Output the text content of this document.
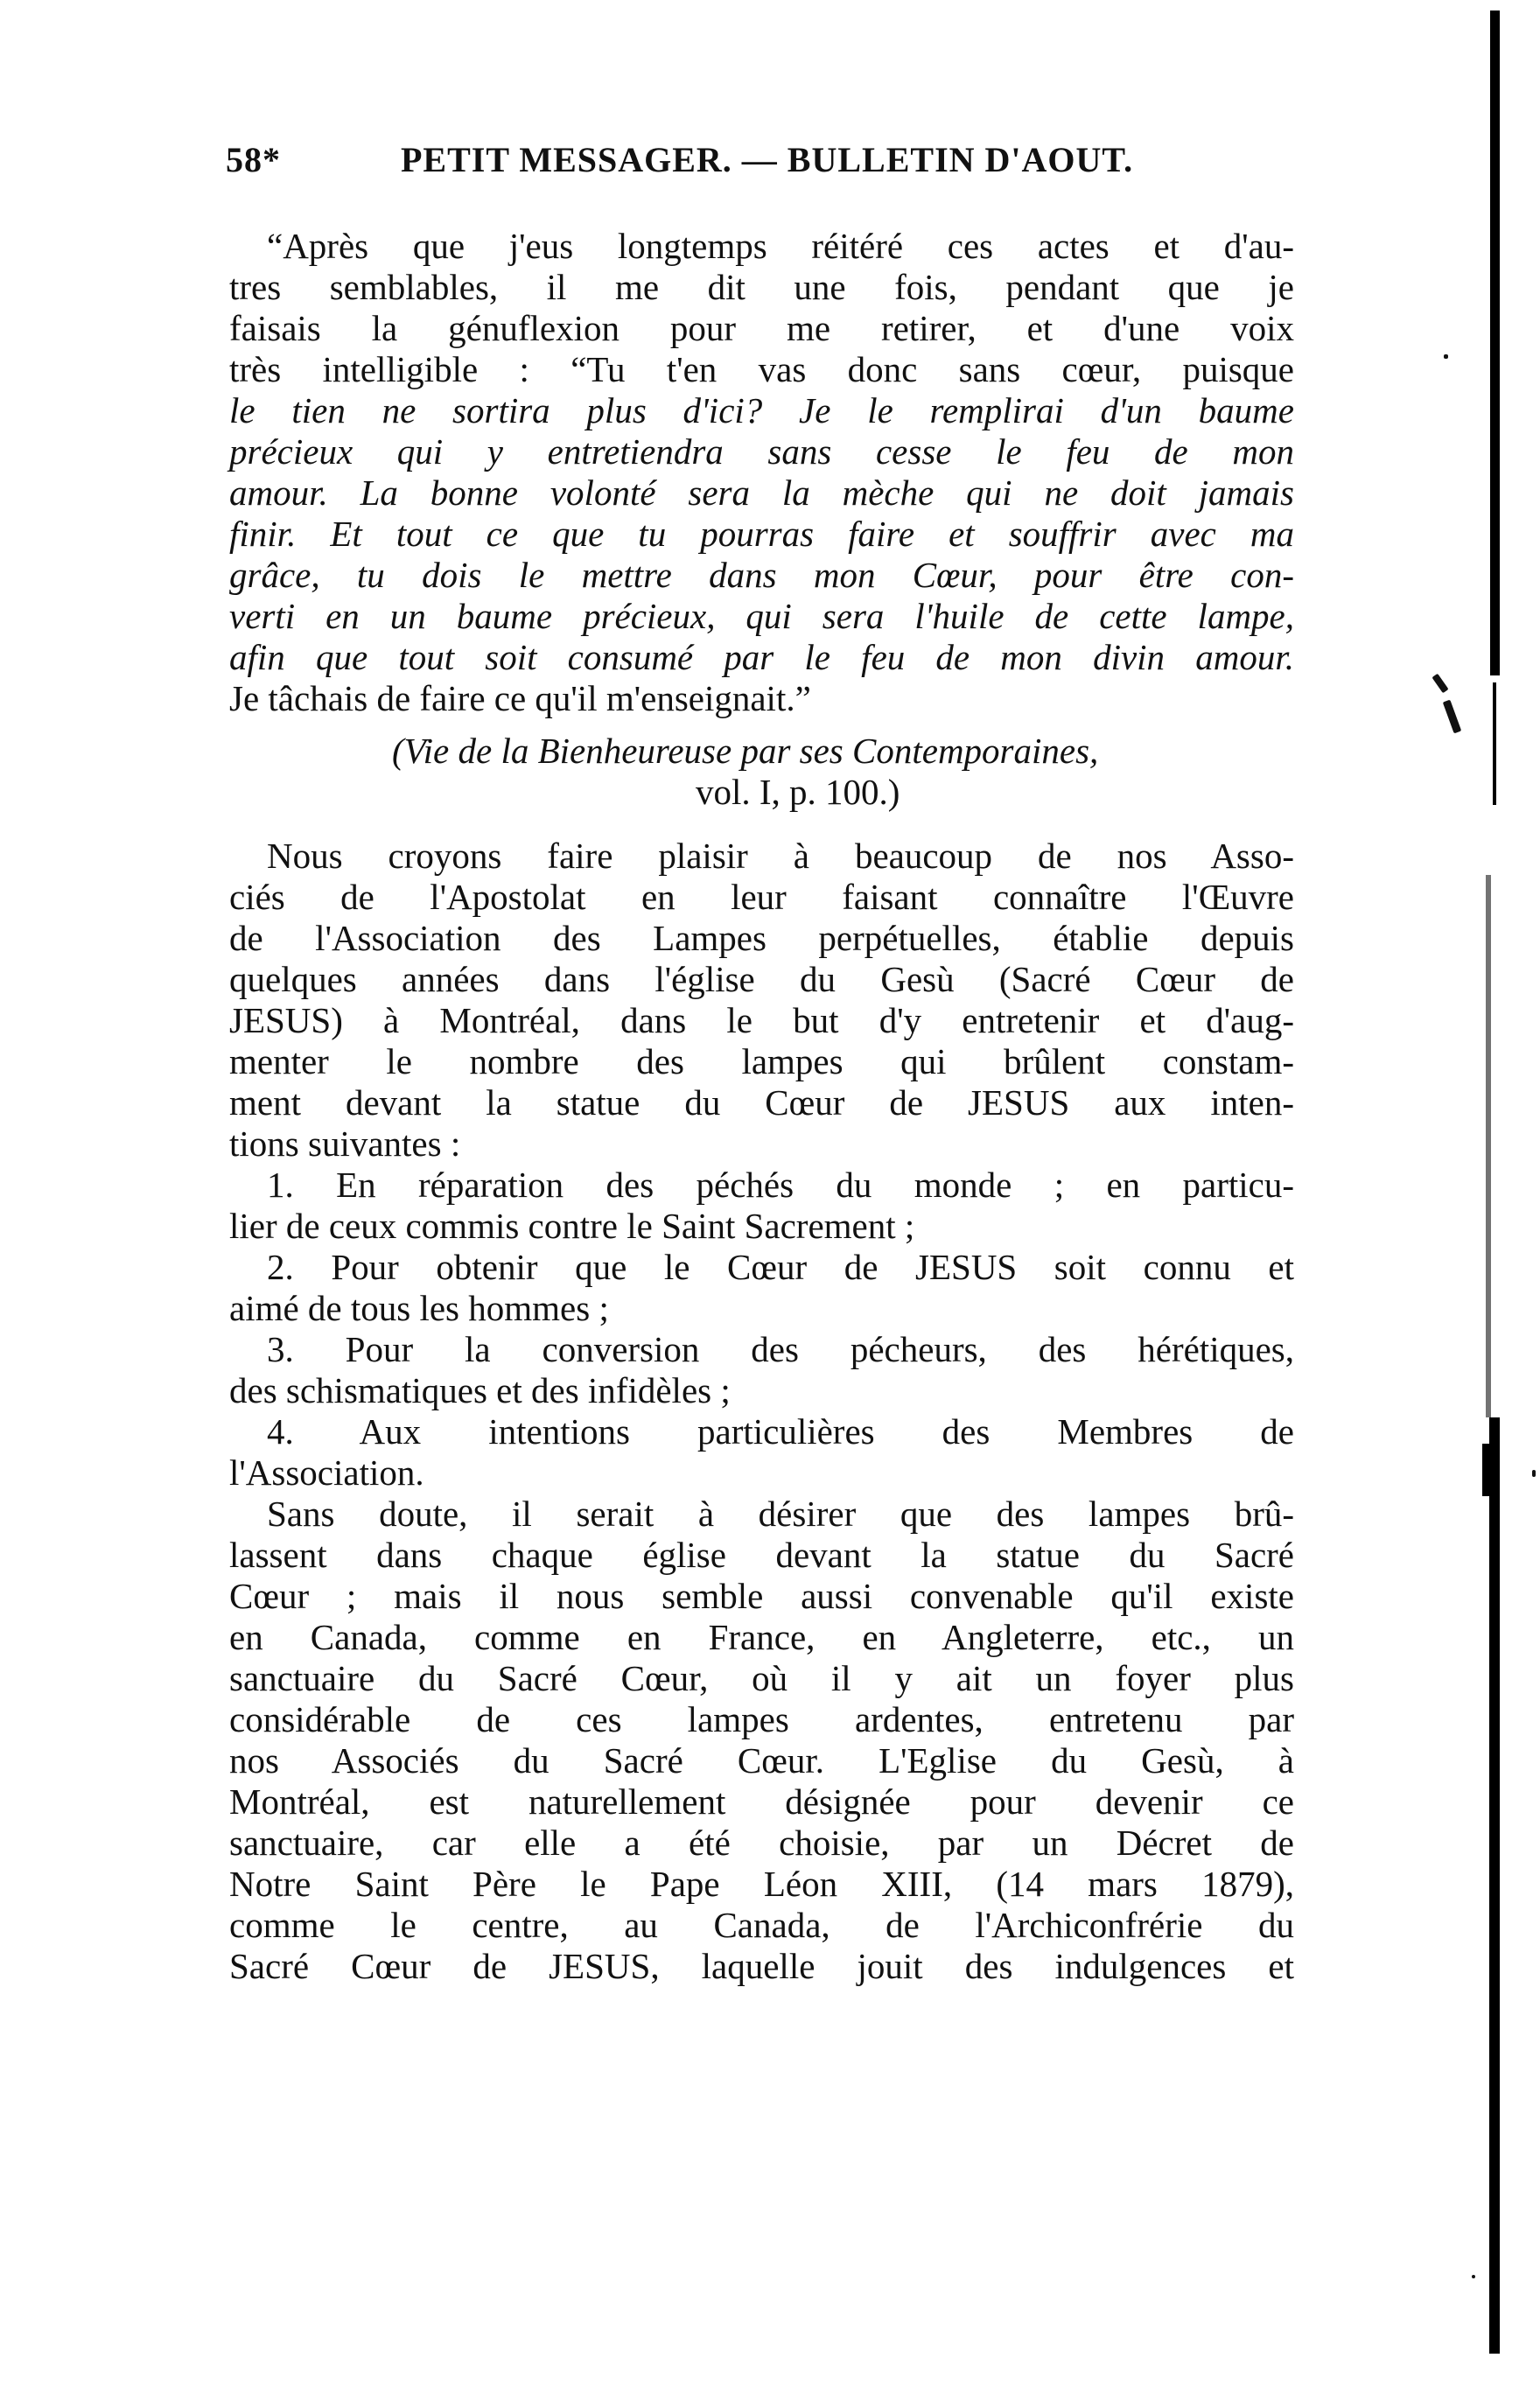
58*	PETIT MESSAGER. — BULLETIN D'AOUT.
“Après que j'eus longtemps réitéré ces actes et d'au-
tres semblables, il me dit une fois, pendant que je
faisais la génuflexion pour me retirer, et d'une voix
très intelligible : “Tu t'en vas donc sans cœur, puisque
le tien ne sortira plus d'ici? Je le remplirai d'un baume
précieux qui y entretiendra sans cesse le feu de mon
amour. La bonne volonté sera la mèche qui ne doit jamais
finir. Et tout ce que tu pourras faire et souffrir avec ma
grâce, tu dois le mettre dans mon Cœur, pour être con-
verti en un baume précieux, qui sera l'huile de cette lampe,
afin que tout soit consumé par le feu de mon divin amour.
Je tâchais de faire ce qu'il m'enseignait.”
(Vie de la Bienheureuse par ses Contemporaines,
vol. I, p. 100.)
Nous croyons faire plaisir à beaucoup de nos Asso-
ciés de l'Apostolat en leur faisant connaître l'Œuvre
de l'Association des Lampes perpétuelles, établie depuis
quelques années dans l'église du Gesù (Sacré Cœur de
JESUS) à Montréal, dans le but d'y entretenir et d'aug-
menter le nombre des lampes qui brûlent constam-
ment devant la statue du Cœur de JESUS aux inten-
tions suivantes :
1. En réparation des péchés du monde ; en particu-
lier de ceux commis contre le Saint Sacrement ;
2. Pour obtenir que le Cœur de JESUS soit connu et
aimé de tous les hommes ;
3. Pour la conversion des pécheurs, des hérétiques,
des schismatiques et des infidèles ;
4. Aux intentions particulières des Membres de
l'Association.
Sans doute, il serait à désirer que des lampes brû-
lassent dans chaque église devant la statue du Sacré
Cœur ; mais il nous semble aussi convenable qu'il existe
en Canada, comme en France, en Angleterre, etc., un
sanctuaire du Sacré Cœur, où il y ait un foyer plus
considérable de ces lampes ardentes, entretenu par
nos Associés du Sacré Cœur. L'Eglise du Gesù, à
Montréal, est naturellement désignée pour devenir ce
sanctuaire, car elle a été choisie, par un Décret de
Notre Saint Père le Pape Léon XIII, (14 mars 1879),
comme le centre, au Canada, de l'Archiconfrérie du
Sacré Cœur de JESUS, laquelle jouit des indulgences et
